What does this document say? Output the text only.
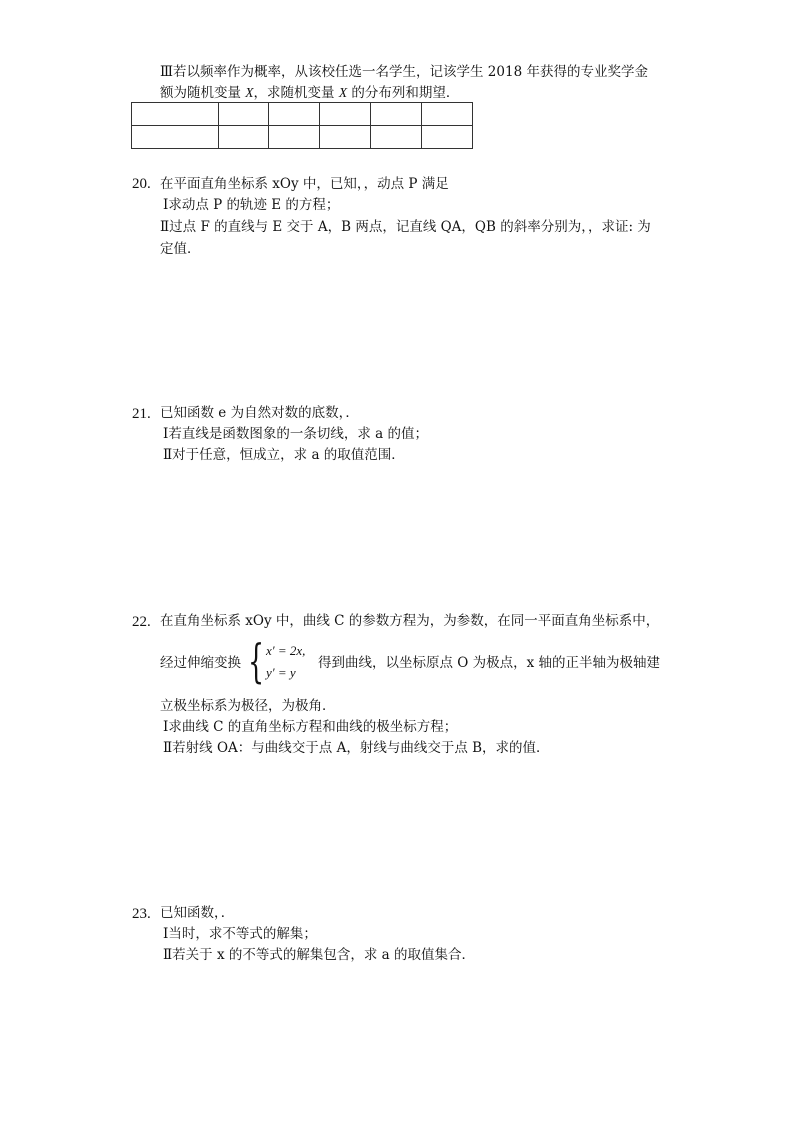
Ⅲ若以频率作为概率，从该校任选一名学生，记该学生 2018 年获得的专业奖学金
额为随机变量 X，求随机变量 X 的分布列和期望．

20. 在平面直角坐标系 xOy 中，已知，，动点 P 满足
Ⅰ求动点 P 的轨迹 E 的方程；
Ⅱ过点 F 的直线与 E 交于 A，B 两点，记直线 QA，QB 的斜率分别为，，求证: 为
定值．
21. 已知函数 e 为自然对数的底数，．
Ⅰ若直线是函数图象的一条切线，求 a 的值；
Ⅱ对于任意，恒成立，求 a 的取值范围．
22. 在直角坐标系 xOy 中，曲线 C 的参数方程为，为参数，在同一平面直角坐标系中，
经过伸缩变换 { x′ = 2x,
y′ = y
得到曲线，以坐标原点 O 为极点，x 轴的正半轴为极轴建
立极坐标系为极径，为极角．
Ⅰ求曲线 C 的直角坐标方程和曲线的极坐标方程；
Ⅱ若射线 OA：与曲线交于点 A，射线与曲线交于点 B，求的值．
23. 已知函数，．
Ⅰ当时，求不等式的解集；
Ⅱ若关于 x 的不等式的解集包含，求 a 的取值集合．
